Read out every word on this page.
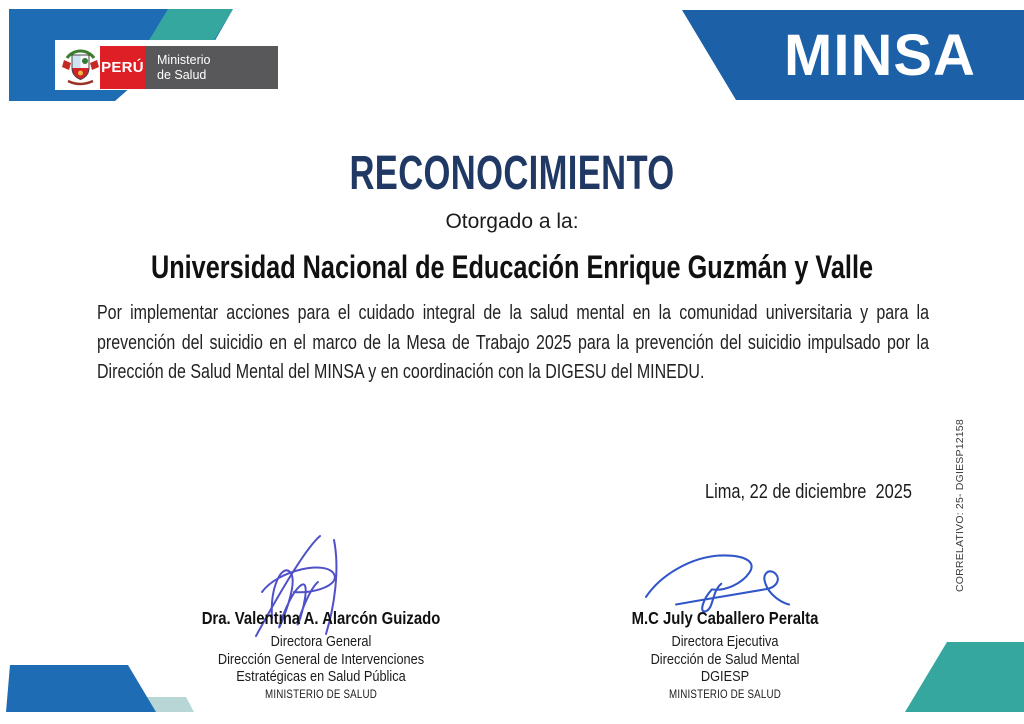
PERÚ Ministerio
de Salud	MINSA
RECONOCIMIENTO
Otorgado a la:
Universidad Nacional de Educación Enrique Guzmán y Valle

Por implementar acciones para el cuidado integral de la salud mental en la comunidad universitaria y para la prevención del suicidio en el marco de la Mesa de Trabajo 2025 para la prevención del suicidio impulsado por la Dirección de Salud Mental del MINSA y en coordinación con la DIGESU del MINEDU.

Lima, 22 de diciembre  2025	CORRELATIVO: 25- DGIESP12158
Dra. Valentina A. Alarcón Guizado
Directora General
Dirección General de Intervenciones
Estratégicas en Salud Pública
MINISTERIO DE SALUD
M.C July Caballero Peralta
Directora Ejecutiva
Dirección de Salud Mental
DGIESP
MINISTERIO DE SALUD
